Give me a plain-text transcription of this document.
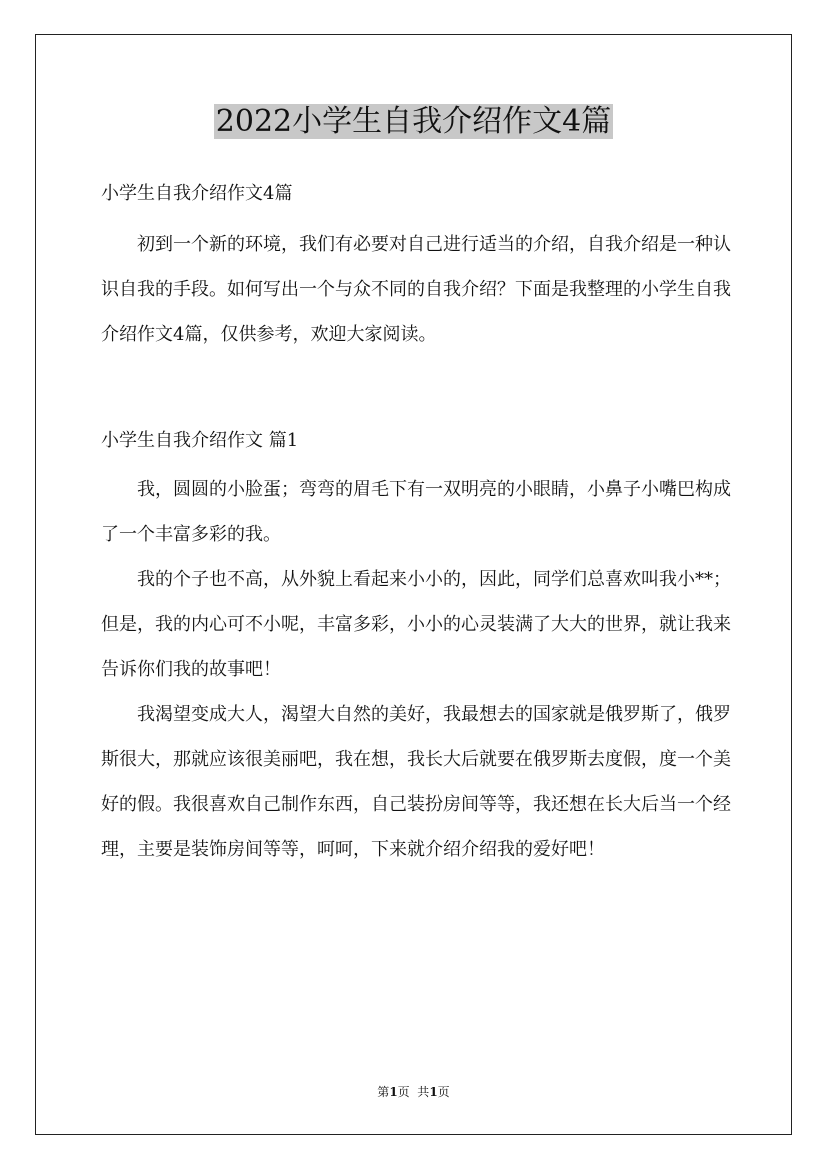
2022小学生自我介绍作文4篇

小学生自我介绍作文4篇

初到一个新的环境，我们有必要对自己进行适当的介绍，自我介绍是一种认识自我的手段。如何写出一个与众不同的自我介绍？下面是我整理的小学生自我介绍作文4篇，仅供参考，欢迎大家阅读。

小学生自我介绍作文 篇1

我，圆圆的小脸蛋；弯弯的眉毛下有一双明亮的小眼睛，小鼻子小嘴巴构成了一个丰富多彩的我。

我的个子也不高，从外貌上看起来小小的，因此，同学们总喜欢叫我小**；但是，我的内心可不小呢，丰富多彩，小小的心灵装满了大大的世界，就让我来告诉你们我的故事吧！

我渴望变成大人，渴望大自然的美好，我最想去的国家就是俄罗斯了，俄罗斯很大，那就应该很美丽吧，我在想，我长大后就要在俄罗斯去度假，度一个美好的假。我很喜欢自己制作东西，自己装扮房间等等，我还想在长大后当一个经理，主要是装饰房间等等，呵呵，下来就介绍介绍我的爱好吧！

第1页  共1页
